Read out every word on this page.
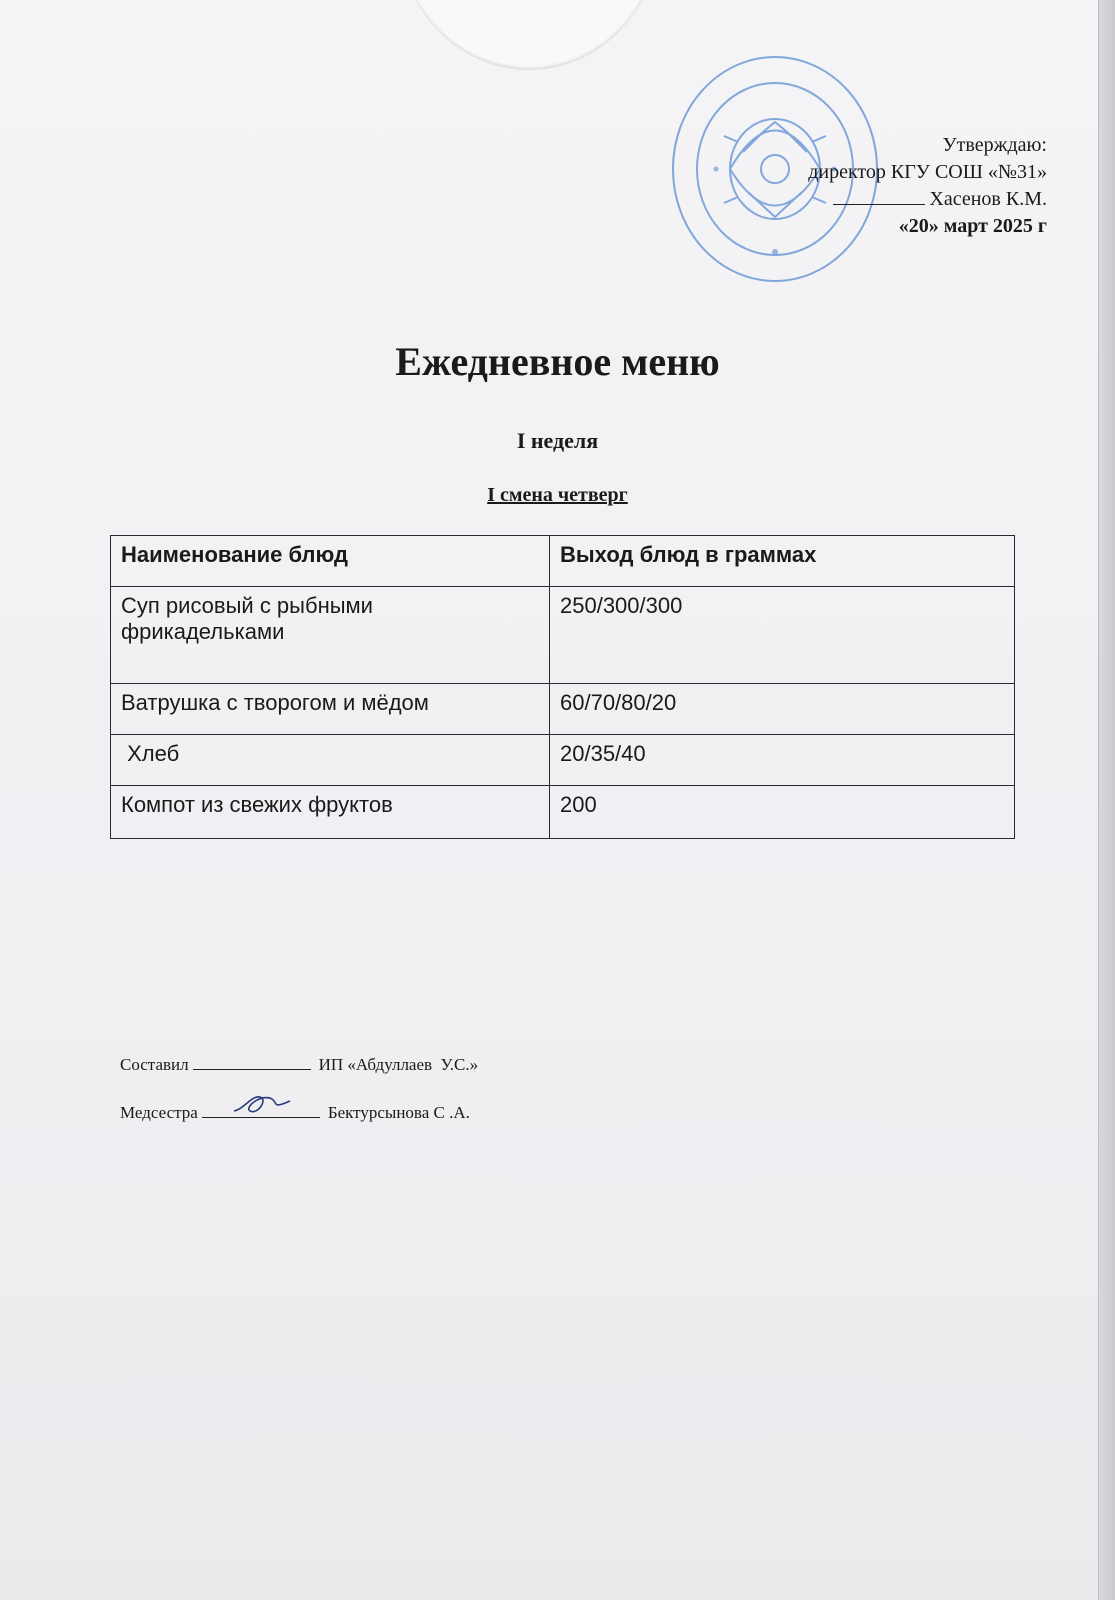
Утверждаю:
директор КГУ СОШ «№31»
Хасенов К.М.
«20» март 2025 г
Ежедневное меню

I неделя

I смена четверг

Наименование блюд	Выход блюд в граммах
Суп рисовый с рыбными фрикадельками	250/300/300
Ватрушка с творогом и мёдом	60/70/80/20
Хлеб	20/35/40
Компот из свежих фруктов	200
Составил	ИП «Абдуллаев  У.С.»
Медсестра	Бектурсынова С .А.
